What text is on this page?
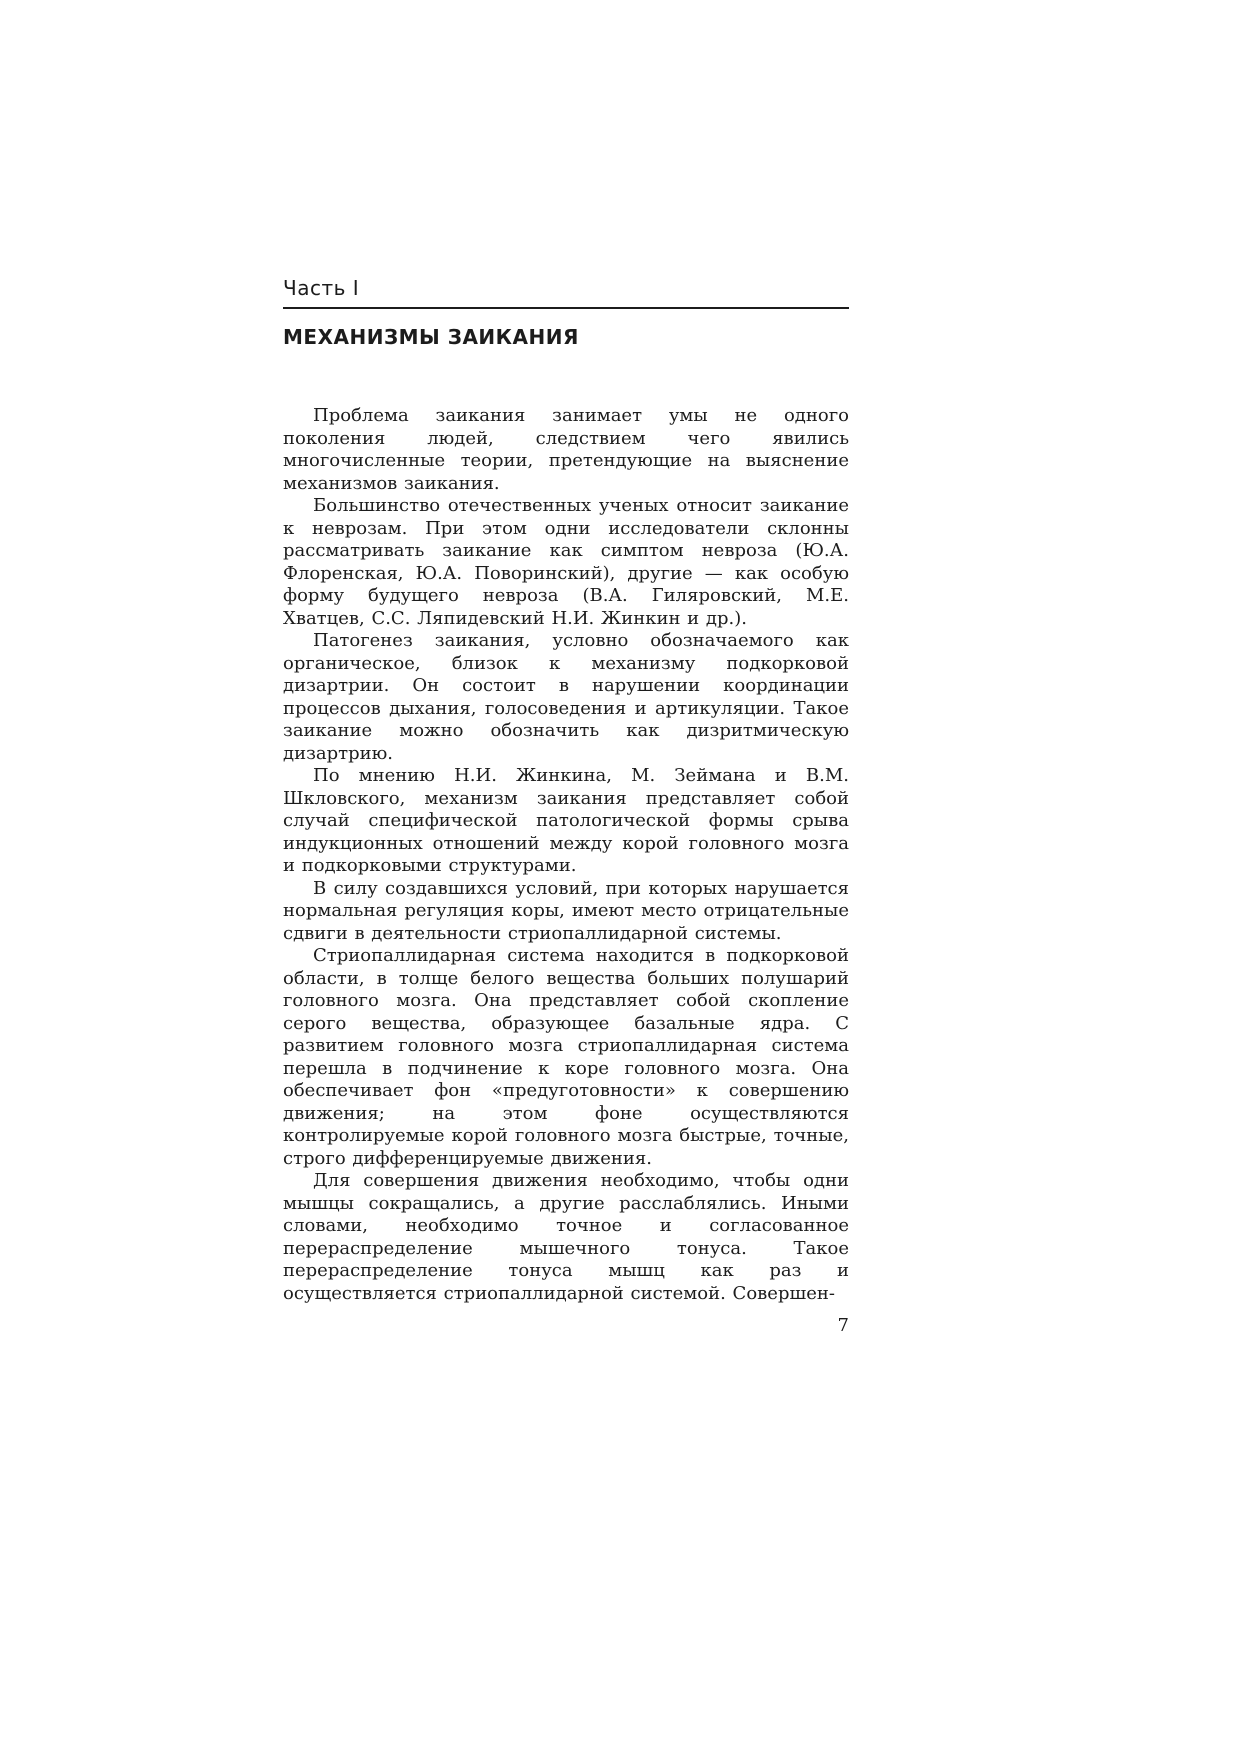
Часть I
МЕХАНИЗМЫ ЗАИКАНИЯ

Проблема заикания занимает умы не одного поколения людей, следствием чего явились многочисленные теории, претендующие на выяснение механизмов заикания.

Большинство отечественных ученых относит заикание к неврозам. При этом одни исследователи склонны рассматривать заикание как симптом невроза (Ю.А. Флоренская, Ю.А. Поворинский), другие — как особую форму будущего невроза (В.А. Гиляровский, М.Е. Хватцев, С.С. Ляпидевский Н.И. Жинкин и др.).

Патогенез заикания, условно обозначаемого как органическое, близок к механизму подкорковой дизартрии. Он состоит в нарушении координации процессов дыхания, голосоведения и артикуляции. Такое заикание можно обозначить как дизритмическую дизартрию.

По мнению Н.И. Жинкина, М. Зеймана и В.М. Шкловского, механизм заикания представляет собой случай специфической патологической формы срыва индукционных отношений между корой головного мозга и подкорковыми структурами.

В силу создавшихся условий, при которых нарушается нормальная регуляция коры, имеют место отрицательные сдвиги в деятельности стриопаллидарной системы.

Стриопаллидарная система находится в подкорковой области, в толще белого вещества больших полушарий головного мозга. Она представляет собой скопление серого вещества, образующее базальные ядра. С развитием головного мозга стриопаллидарная система перешла в подчинение к коре головного мозга. Она обеспечивает фон «предуготовности» к совершению движения; на этом фоне осуществляются контролируемые корой головного мозга быстрые, точные, строго дифференцируемые движения.

Для совершения движения необходимо, чтобы одни мышцы сокращались, а другие расслаблялись. Иными словами, необходимо точное и согласованное перераспределение мышечного тонуса. Такое перераспределение тонуса мышц как раз и осуществляется стриопаллидарной системой. Совершен-

7
